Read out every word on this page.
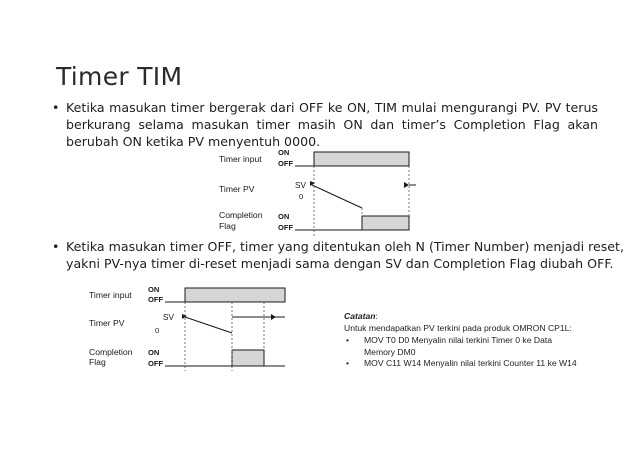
Timer TIM
• Ketika masukan timer bergerak dari OFF ke ON, TIM mulai mengurangi PV. PV terus berkurang selama masukan timer masih ON dan timer’s Completion Flag akan berubah ON ketika PV menyentuh 0000.
Timer input
ON
OFF
Timer PV	SV
0
Completion
Flag
ON
OFF
• Ketika masukan timer OFF, timer yang ditentukan oleh N (Timer Number) menjadi reset,
yakni PV-nya timer di-reset menjadi sama dengan SV dan Completion Flag diubah OFF.
Timer input
ON
OFF
Timer PV
SV
0
Completion
Flag
ON
OFF
Catatan:
Untuk mendapatkan PV terkini pada produk OMRON CP1L:
• MOV T0 D0 Menyalin nilai terkini Timer 0 ke Data
Memory DM0
• MOV C11 W14 Menyalin nilai terkini Counter 11 ke W14
